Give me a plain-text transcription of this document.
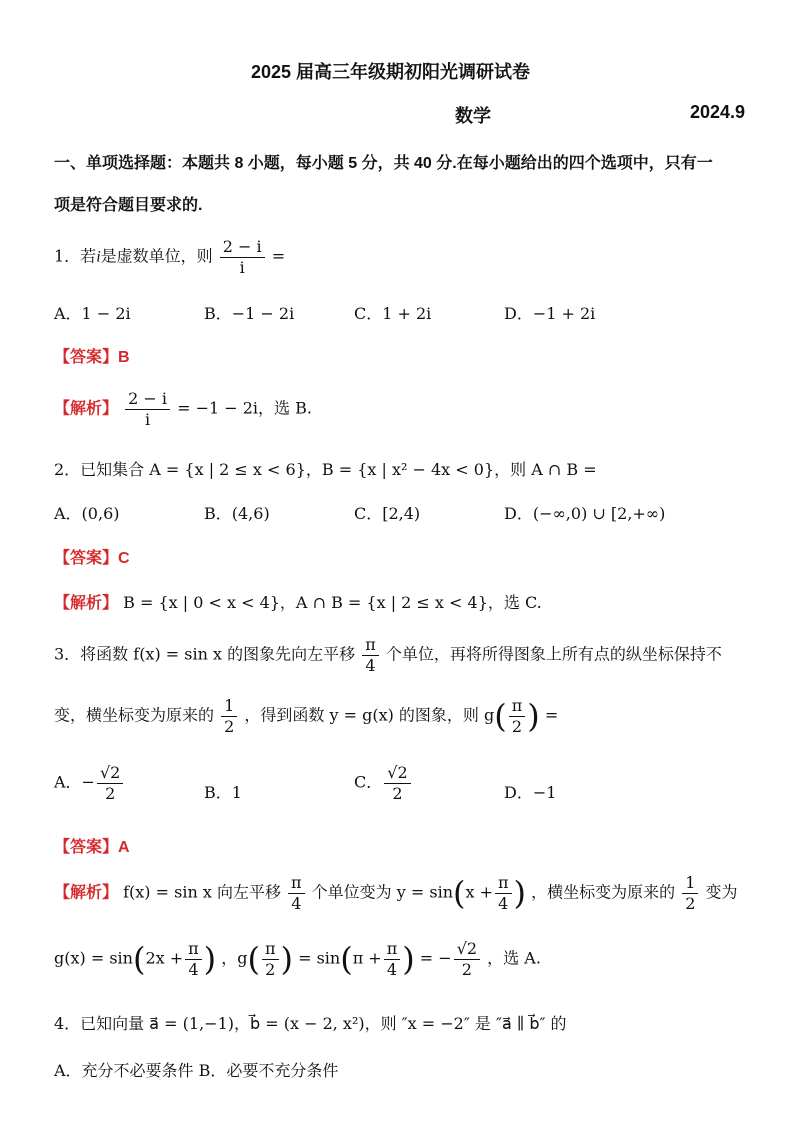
2025 届高三年级期初阳光调研试卷
数学	2024.9
一、单项选择题：本题共 8 小题，每小题 5 分，共 40 分.在每小题给出的四个选项中，只有一
项是符合题目要求的.
1．若i是虚数单位，则 $\frac{2 - i}{i}$ =
A．1 − 2i	B．−1 − 2i	C．1 + 2i	D．−1 + 2i
【答案】B
【解析】 $\frac{2 - i}{i} = -1 - 2i$，选 B.
2．已知集合 A = {x | 2 ≤ x < 6}，B = {x | x² − 4x < 0}，则 A ∩ B =
A．(0,6)	B．(4,6)	C．[2,4)	D．(−∞,0) ∪ [2,+∞)
【答案】C
【解析】 B = {x | 0 < x < 4}，A ∩ B = {x | 2 ≤ x < 4}，选 C.
3．将函数 f(x) = sin x 的图象先向左平移 $\frac{\pi}{4}$ 个单位，再将所得图象上所有点的纵坐标保持不
变，横坐标变为原来的 $\frac{1}{2}$ ，得到函数 y = g(x) 的图象，则 $g( \frac{\pi}{2}$ ) =
A．− $\frac{√2}{2}$	B．1
C． $\frac{√2}{2}$	D．−1
【答案】A
【解析】 f(x) = sin x 向左平移 $\frac{\pi}{4}$ 个单位变为 $y = \sin(x + \frac{\pi}{4}$ ) ，横坐标变为原来的 $\frac{1}{2}$ 变为
$g(x) = \sin(2x + \frac{\pi}{4}$ ) ，$g( \frac{\pi}{2}$ ) = $\sin(\pi + \frac{\pi}{4}$ ) = − $\frac{√2}{2}$ ，选 A.
4．已知向量 a⃗ = (1,−1)，b⃗ = (x − 2, x²)，则 ″x = −2″ 是 ″a⃗ ∥ b⃗″ 的
A．充分不必要条件 B．必要不充分条件
